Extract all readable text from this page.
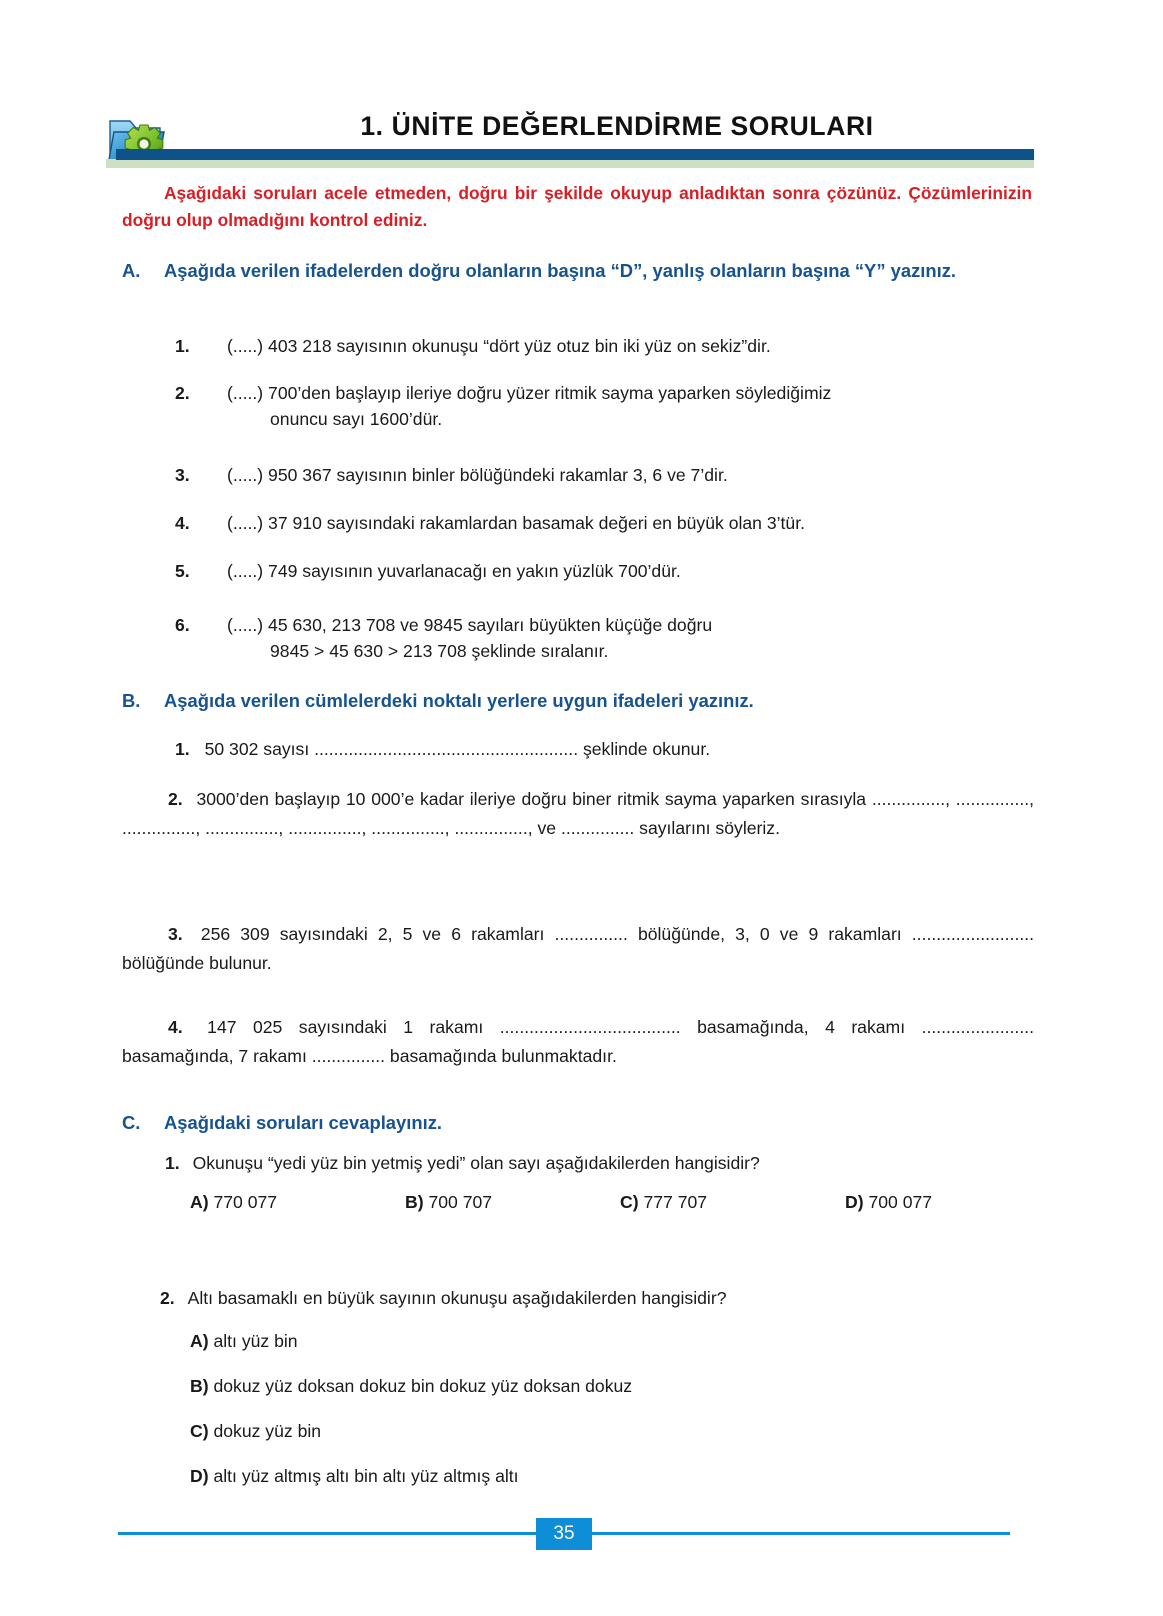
1. ÜNİTE DEĞERLENDİRME SORULARI
Aşağıdaki soruları acele etmeden, doğru bir şekilde okuyup anladıktan sonra çözünüz. Çözümlerinizin doğru olup olmadığını kontrol ediniz.
A. Aşağıda verilen ifadelerden doğru olanların başına “D”, yanlış olanların başına “Y” yazınız.
1. (.....) 403 218 sayısının okunuşu “dört yüz otuz bin iki yüz on sekiz”dir.
2. (.....) 700’den başlayıp ileriye doğru yüzer ritmik sayma yaparken söylediğimiz
onuncu sayı 1600’dür.
3. (.....) 950 367 sayısının binler bölüğündeki rakamlar 3, 6 ve 7’dir.
4. (.....) 37 910 sayısındaki rakamlardan basamak değeri en büyük olan 3’tür.
5. (.....) 749 sayısının yuvarlanacağı en yakın yüzlük 700’dür.
6. (.....) 45 630, 213 708 ve 9845 sayıları büyükten küçüğe doğru
9845 > 45 630 > 213 708 şeklinde sıralanır.
B. Aşağıda verilen cümlelerdeki noktalı yerlere uygun ifadeleri yazınız.
1. 50 302 sayısı ...................................................... şeklinde okunur.
2. 3000’den başlayıp 10 000’e kadar ileriye doğru biner ritmik sayma yaparken sırasıyla ..............., ..............., ..............., ..............., ..............., ..............., ..............., ve ............... sayılarını söyleriz.
3. 256 309 sayısındaki 2, 5 ve 6 rakamları ............... bölüğünde, 3, 0 ve 9 rakamları ......................... bölüğünde bulunur.
4. 147 025 sayısındaki 1 rakamı ..................................... basamağında, 4 rakamı ....................... basamağında, 7 rakamı ............... basamağında bulunmaktadır.
C. Aşağıdaki soruları cevaplayınız.
1. Okunuşu “yedi yüz bin yetmiş yedi” olan sayı aşağıdakilerden hangisidir?
A) 770 077	B) 700 707	C) 777 707	D) 700 077
2. Altı basamaklı en büyük sayının okunuşu aşağıdakilerden hangisidir?
A) altı yüz bin
B) dokuz yüz doksan dokuz bin dokuz yüz doksan dokuz
C) dokuz yüz bin
D) altı yüz altmış altı bin altı yüz altmış altı
35
